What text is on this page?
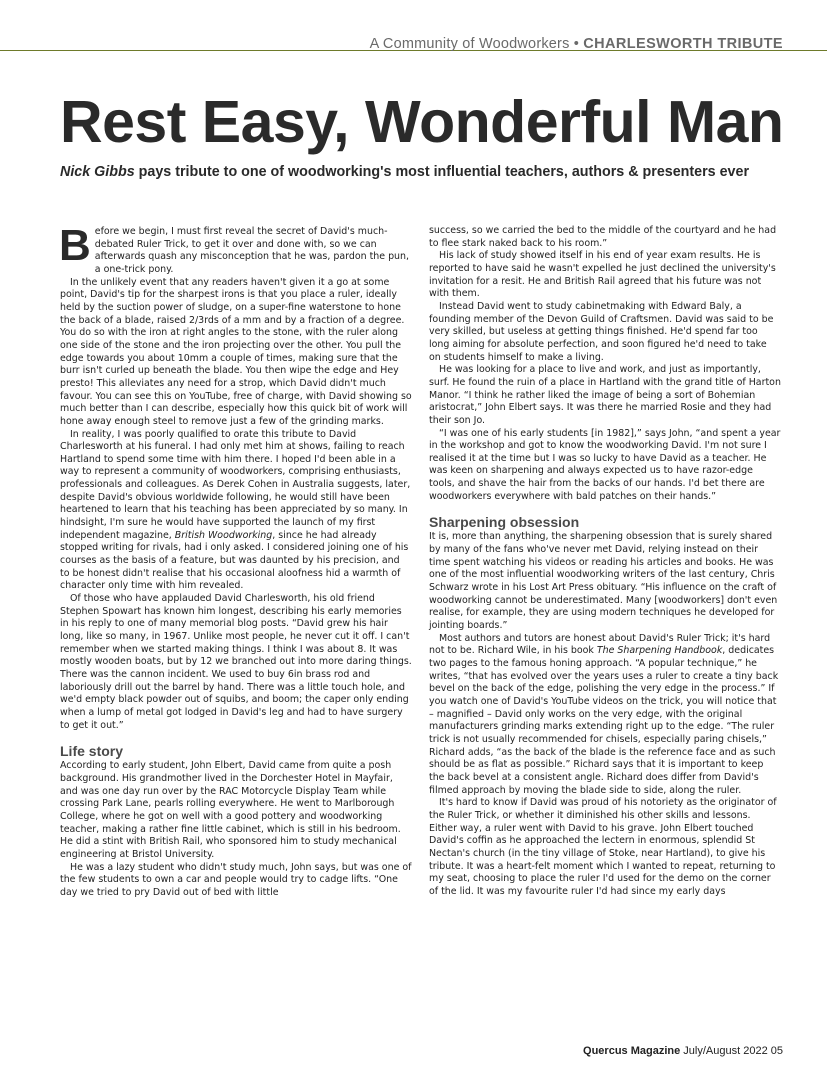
A Community of Woodworkers • CHARLESWORTH TRIBUTE
Rest Easy, Wonderful Man

Nick Gibbs pays tribute to one of woodworking's most influential teachers, authors & presenters ever

Before we begin, I must first reveal the secret of David's much-debated Ruler Trick, to get it over and done with, so we can afterwards quash any misconception that he was, pardon the pun, a one-trick pony.

In the unlikely event that any readers haven't given it a go at some point, David's tip for the sharpest irons is that you place a ruler, ideally held by the suction power of sludge, on a super-fine waterstone to hone the back of a blade, raised 2/3rds of a mm and by a fraction of a degree. You do so with the iron at right angles to the stone, with the ruler along one side of the stone and the iron projecting over the other. You pull the edge towards you about 10mm a couple of times, making sure that the burr isn't curled up beneath the blade. You then wipe the edge and Hey presto! This alleviates any need for a strop, which David didn't much favour. You can see this on YouTube, free of charge, with David showing so much better than I can describe, especially how this quick bit of work will hone away enough steel to remove just a few of the grinding marks.

In reality, I was poorly qualified to orate this tribute to David Charlesworth at his funeral. I had only met him at shows, failing to reach Hartland to spend some time with him there. I hoped I'd been able in a way to represent a community of woodworkers, comprising enthusiasts, professionals and colleagues. As Derek Cohen in Australia suggests, later, despite David's obvious worldwide following, he would still have been heartened to learn that his teaching has been appreciated by so many. In hindsight, I'm sure he would have supported the launch of my first independent magazine, British Woodworking, since he had already stopped writing for rivals, had i only asked. I considered joining one of his courses as the basis of a feature, but was daunted by his precision, and to be honest didn't realise that his occasional aloofness hid a warmth of character only time with him revealed.

Of those who have applauded David Charlesworth, his old friend Stephen Spowart has known him longest, describing his early memories in his reply to one of many memorial blog posts. “David grew his hair long, like so many, in 1967. Unlike most people, he never cut it off. I can't remember when we started making things. I think I was about 8. It was mostly wooden boats, but by 12 we branched out into more daring things. There was the cannon incident. We used to buy 6in brass rod and laboriously drill out the barrel by hand. There was a little touch hole, and we'd empty black powder out of squibs, and boom; the caper only ending when a lump of metal got lodged in David's leg and had to have surgery to get it out.”

Life story

According to early student, John Elbert, David came from quite a posh background. His grandmother lived in the Dorchester Hotel in Mayfair, and was one day run over by the RAC Motorcycle Display Team while crossing Park Lane, pearls rolling everywhere. He went to Marlborough College, where he got on well with a good pottery and woodworking teacher, making a rather fine little cabinet, which is still in his bedroom. He did a stint with British Rail, who sponsored him to study mechanical engineering at Bristol University.

He was a lazy student who didn't study much, John says, but was one of the few students to own a car and people would try to cadge lifts. “One day we tried to pry David out of bed with little

success, so we carried the bed to the middle of the courtyard and he had to flee stark naked back to his room.”

His lack of study showed itself in his end of year exam results. He is reported to have said he wasn't expelled he just declined the university's invitation for a resit. He and British Rail agreed that his future was not with them.

Instead David went to study cabinetmaking with Edward Baly, a founding member of the Devon Guild of Craftsmen. David was said to be very skilled, but useless at getting things finished. He'd spend far too long aiming for absolute perfection, and soon figured he'd need to take on students himself to make a living.

He was looking for a place to live and work, and just as importantly, surf. He found the ruin of a place in Hartland with the grand title of Harton Manor. “I think he rather liked the image of being a sort of Bohemian aristocrat,” John Elbert says. It was there he married Rosie and they had their son Jo.

“I was one of his early students [in 1982],” says John, “and spent a year in the workshop and got to know the woodworking David. I'm not sure I realised it at the time but I was so lucky to have David as a teacher. He was keen on sharpening and always expected us to have razor-edge tools, and shave the hair from the backs of our hands. I'd bet there are woodworkers everywhere with bald patches on their hands.”

Sharpening obsession

It is, more than anything, the sharpening obsession that is surely shared by many of the fans who've never met David, relying instead on their time spent watching his videos or reading his articles and books. He was one of the most influential woodworking writers of the last century, Chris Schwarz wrote in his Lost Art Press obituary. “His influence on the craft of woodworking cannot be underestimated. Many [woodworkers] don't even realise, for example, they are using modern techniques he developed for jointing boards.”

Most authors and tutors are honest about David's Ruler Trick; it's hard not to be. Richard Wile, in his book The Sharpening Handbook, dedicates two pages to the famous honing approach. “A popular technique,” he writes, “that has evolved over the years uses a ruler to create a tiny back bevel on the back of the edge, polishing the very edge in the process.” If you watch one of David's YouTube videos on the trick, you will notice that – magnified – David only works on the very edge, with the original manufacturers grinding marks extending right up to the edge. “The ruler trick is not usually recommended for chisels, especially paring chisels,” Richard adds, “as the back of the blade is the reference face and as such should be as flat as possible.” Richard says that it is important to keep the back bevel at a consistent angle. Richard does differ from David's filmed approach by moving the blade side to side, along the ruler.

It's hard to know if David was proud of his notoriety as the originator of the Ruler Trick, or whether it diminished his other skills and lessons. Either way, a ruler went with David to his grave. John Elbert touched David's coffin as he approached the lectern in enormous, splendid St Nectan's church (in the tiny village of Stoke, near Hartland), to give his tribute. It was a heart-felt moment which I wanted to repeat, returning to my seat, choosing to place the ruler I'd used for the demo on the corner of the lid. It was my favourite ruler I'd had since my early days

Quercus Magazine July/August 2022 05
